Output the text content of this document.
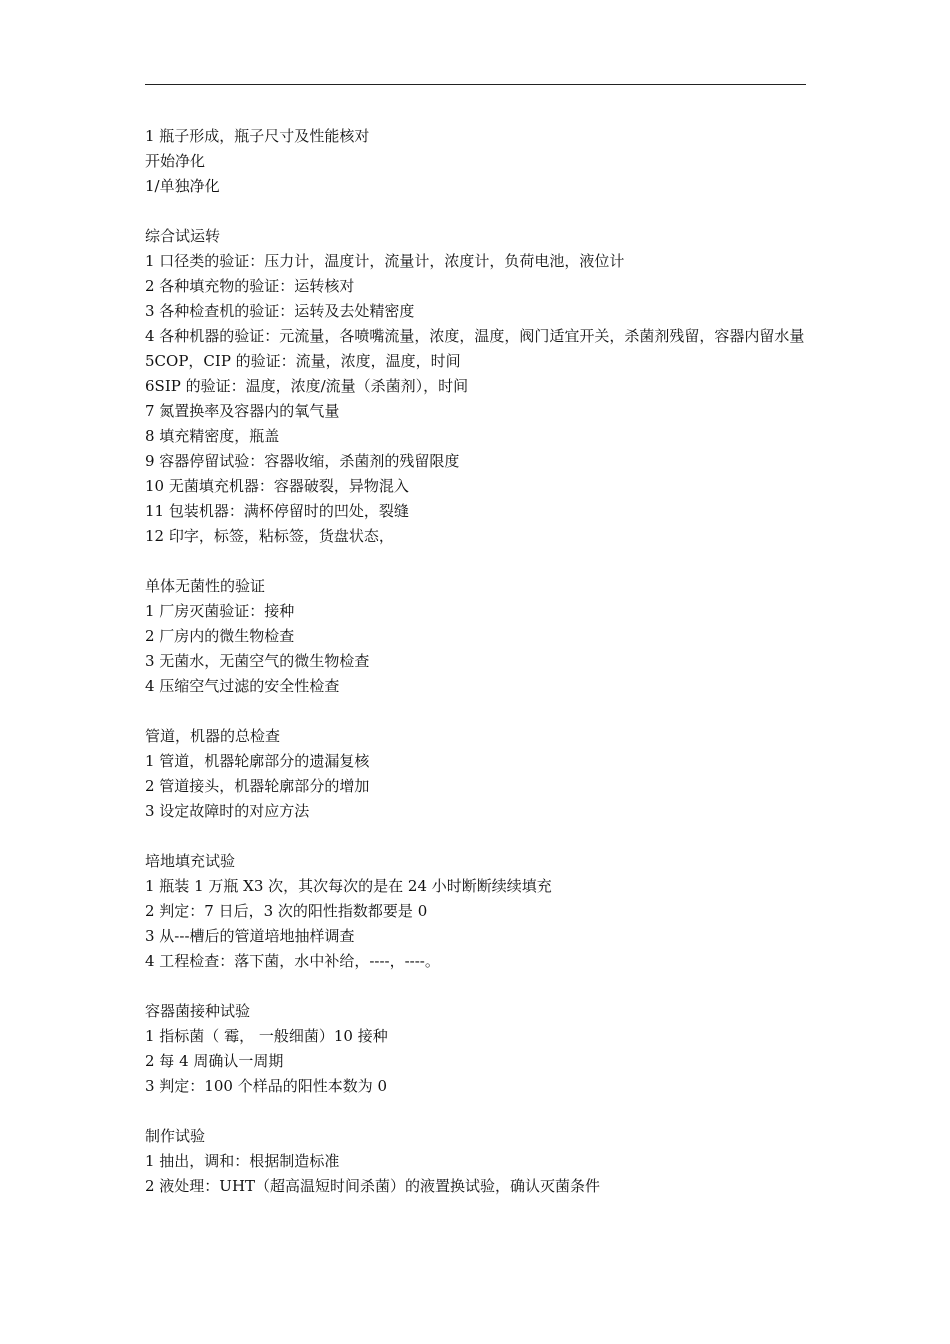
1 瓶子形成，瓶子尺寸及性能核对
开始净化
1/单独净化
综合试运转
1 口径类的验证：压力计，温度计，流量计，浓度计，负荷电池，液位计
2 各种填充物的验证：运转核对
3 各种检查机的验证：运转及去处精密度
4 各种机器的验证：元流量，各喷嘴流量，浓度，温度，阀门适宜开关，杀菌剂残留，容器内留水量
5COP，CIP 的验证：流量，浓度，温度，时间
6SIP 的验证：温度，浓度/流量（杀菌剂），时间
7 氮置换率及容器内的氧气量
8 填充精密度，瓶盖
9 容器停留试验：容器收缩，杀菌剂的残留限度
10 无菌填充机器：容器破裂，异物混入
11 包装机器：满杯停留时的凹处，裂缝
12 印字，标签，粘标签，货盘状态，
单体无菌性的验证
1 厂房灭菌验证：接种
2 厂房内的微生物检查
3 无菌水，无菌空气的微生物检查
4 压缩空气过滤的安全性检查
管道，机器的总检查
1 管道，机器轮廓部分的遗漏复核
2 管道接头，机器轮廓部分的增加
3 设定故障时的对应方法
培地填充试验
1 瓶装 1 万瓶 X3 次，其次每次的是在 24 小时断断续续填充
2 判定：7 日后，3 次的阳性指数都要是 0
3 从---槽后的管道培地抽样调查
4 工程检查：落下菌，水中补给，----，----。
容器菌接种试验
1 指标菌（ 霉， 一般细菌）10 接种
2 每 4 周确认一周期
3 判定：100 个样品的阳性本数为 0
制作试验
1 抽出，调和：根据制造标准
2 液处理：UHT（超高温短时间杀菌）的液置换试验，确认灭菌条件
